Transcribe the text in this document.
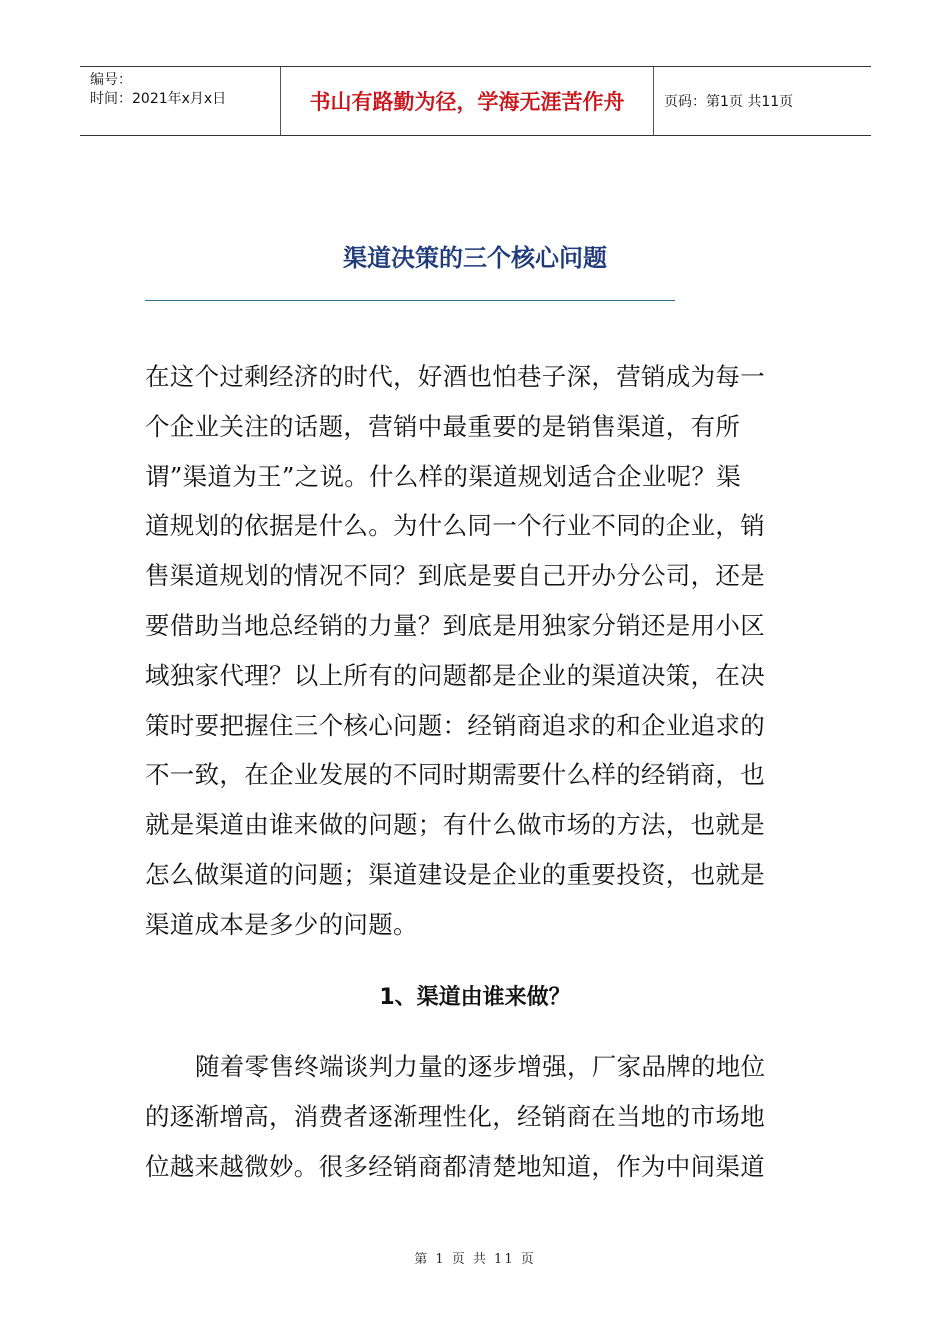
编号：
时间：2021年x月x日	书山有路勤为径，学海无涯苦作舟	页码：第1页 共11页
渠道决策的三个核心问题
在这个过剩经济的时代，好酒也怕巷子深，营销成为每一
个企业关注的话题，营销中最重要的是销售渠道，有所
谓”渠道为王”之说。什么样的渠道规划适合企业呢？渠
道规划的依据是什么。为什么同一个行业不同的企业，销
售渠道规划的情况不同？到底是要自己开办分公司，还是
要借助当地总经销的力量？到底是用独家分销还是用小区
域独家代理？以上所有的问题都是企业的渠道决策，在决
策时要把握住三个核心问题：经销商追求的和企业追求的
不一致，在企业发展的不同时期需要什么样的经销商，也
就是渠道由谁来做的问题；有什么做市场的方法，也就是
怎么做渠道的问题；渠道建设是企业的重要投资，也就是
渠道成本是多少的问题。
1、渠道由谁来做？
随着零售终端谈判力量的逐步增强，厂家品牌的地位
的逐渐增高，消费者逐渐理性化，经销商在当地的市场地
位越来越微妙。很多经销商都清楚地知道，作为中间渠道
第 1 页 共 11 页
